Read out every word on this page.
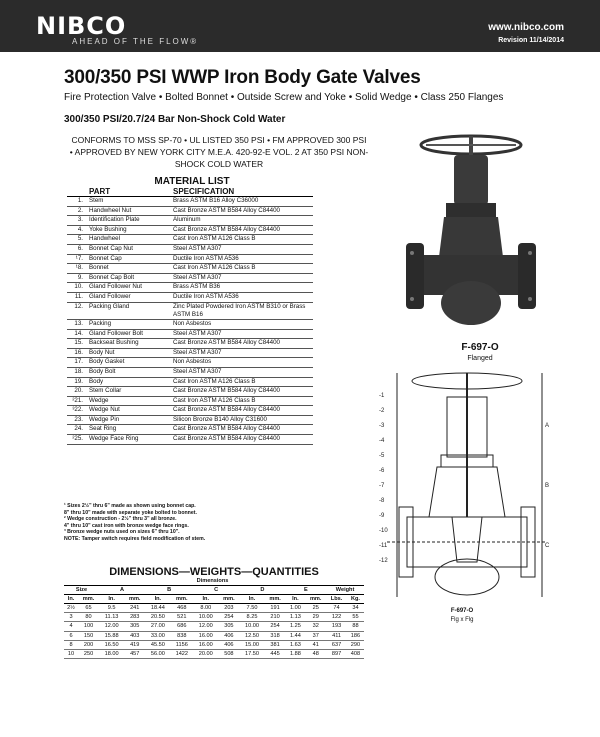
NIBCO
AHEAD OF THE FLOW®
www.nibco.com
Revision 11/14/2014
300/350 PSI WWP Iron Body Gate Valves
Fire Protection Valve • Bolted Bonnet • Outside Screw and Yoke • Solid Wedge • Class 250 Flanges
300/350 PSI/20.7/24 Bar Non-Shock Cold Water
CONFORMS TO MSS SP-70 • UL LISTED 350 PSI • FM APPROVED 300 PSI
• APPROVED BY NEW YORK CITY M.E.A. 420-92-E VOL. 2 AT 350 PSI NON-
SHOCK COLD WATER
MATERIAL LIST
	PART	SPECIFICATION
1.	Stem	Brass ASTM B16 Alloy C36000
2.	Handwheel Nut	Cast Bronze ASTM B584 Alloy C84400
3.	Identification Plate	Aluminum
4.	Yoke Bushing	Cast Bronze ASTM B584 Alloy C84400
5.	Handwheel	Cast Iron ASTM A126 Class B
6.	Bonnet Cap Nut	Steel ASTM A307
¹7.	Bonnet Cap	Ductile Iron ASTM A536
¹8.	Bonnet	Cast Iron ASTM A126 Class B
9.	Bonnet Cap Bolt	Steel ASTM A307
10.	Gland Follower Nut	Brass ASTM B36
11.	Gland Follower	Ductile Iron ASTM A536
12.	Packing Gland	Zinc Plated Powdered Iron ASTM B310 or Brass ASTM B16
13.	Packing	Non Asbestos
14.	Gland Follower Bolt	Steel ASTM A307
15.	Backseat Bushing	Cast Bronze ASTM B584 Alloy C84400
16.	Body Nut	Steel ASTM A307
17.	Body Gasket	Non Asbestos
18.	Body Bolt	Steel ASTM A307
19.	Body	Cast Iron ASTM A126 Class B
20.	Stem Collar	Cast Bronze ASTM B584 Alloy C84400
²21.	Wedge	Cast Iron ASTM A126 Class B
³22.	Wedge Nut	Cast Bronze ASTM B584 Alloy C84400
23.	Wedge Pin	Silicon Bronze B140 Alloy C31600
24.	Seat Ring	Cast Bronze ASTM B584 Alloy C84400
²25.	Wedge Face Ring	Cast Bronze ASTM B584 Alloy C84400
¹ Sizes 2½" thru 6" made as shown using bonnet cap.
8" thru 10" made with separate yoke bolted to bonnet.
² Wedge construction - 2½" thru 3" all bronze.
4" thru 10" cast iron with bronze wedge face rings.
³ Bronze wedge nuts used on sizes 6" thru 10".
NOTE: Tamper switch requires field modification of stem.
DIMENSIONS—WEIGHTS—QUANTITIES
		Dimensions											
Size		A		B		C		D		E		Weight	
In.	mm.	In.	mm.	In.	mm.	In.	mm.	In.	mm.	In.	mm.	Lbs.	Kg.
2½	65	9.5	241	18.44	468	8.00	203	7.50	191	1.00	25	74	34
3	80	11.13	283	20.50	521	10.00	254	8.25	210	1.13	29	122	55
4	100	12.00	305	27.00	686	12.00	305	10.00	254	1.25	32	193	88
6	150	15.88	403	33.00	838	16.00	406	12.50	318	1.44	37	411	186
8	200	16.50	419	45.50	1156	16.00	406	15.00	381	1.63	41	637	290
10	250	18.00	457	56.00	1422	20.00	508	17.50	445	1.88	48	897	408
F-697-O
Flanged
-1
-2
-3
-4
-5
-6
-7
-8
-9
-10
-11
-12
A
B
C
F-697-O
Flg x Flg
